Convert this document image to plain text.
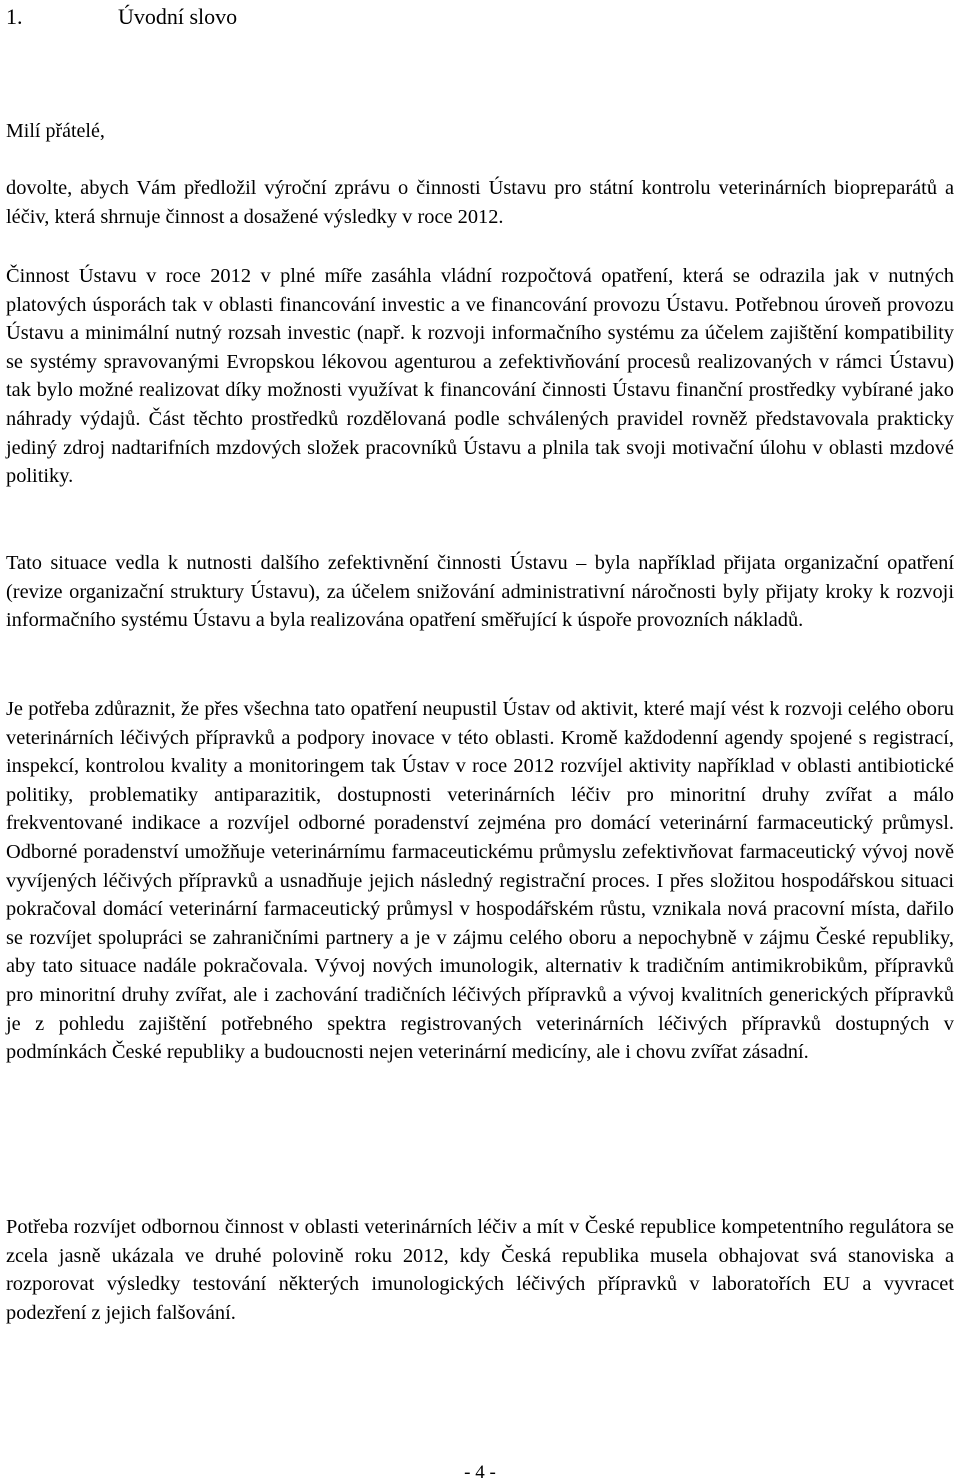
1.	Úvodní slovo
Milí přátelé,

dovolte, abych Vám předložil výroční zprávu o činnosti Ústavu pro státní kontrolu veterinárních biopreparátů a léčiv, která shrnuje činnost a dosažené výsledky v roce 2012.

Činnost Ústavu v roce 2012 v plné míře zasáhla vládní rozpočtová opatření, která se odrazila jak v nutných platových úsporách tak v oblasti financování investic a ve financování provozu Ústavu. Potřebnou úroveň provozu Ústavu a minimální nutný rozsah investic (např. k rozvoji informačního systému za účelem zajištění kompatibility se systémy spravovanými Evropskou lékovou agenturou a zefektivňování procesů realizovaných v rámci Ústavu) tak bylo možné realizovat díky možnosti využívat k financování činnosti Ústavu finanční prostředky vybírané jako náhrady výdajů. Část těchto prostředků rozdělovaná podle schválených pravidel rovněž představovala prakticky jediný zdroj nadtarifních mzdových složek pracovníků Ústavu a plnila tak svoji motivační úlohu v oblasti mzdové politiky.

Tato situace vedla k nutnosti dalšího zefektivnění činnosti Ústavu – byla například přijata organizační opatření (revize organizační struktury Ústavu), za účelem snižování administrativní náročnosti byly přijaty kroky k rozvoji informačního systému Ústavu a byla realizována opatření směřující k úspoře provozních nákladů.

Je potřeba zdůraznit, že přes všechna tato opatření neupustil Ústav od aktivit, které mají vést k rozvoji celého oboru veterinárních léčivých přípravků a podpory inovace v této oblasti. Kromě každodenní agendy spojené s registrací, inspekcí, kontrolou kvality a monitoringem tak Ústav v roce 2012 rozvíjel aktivity například v oblasti antibiotické politiky, problematiky antiparazitik, dostupnosti veterinárních léčiv pro minoritní druhy zvířat a málo frekventované indikace a rozvíjel odborné poradenství zejména pro domácí veterinární farmaceutický průmysl. Odborné poradenství umožňuje veterinárnímu farmaceutickému průmyslu zefektivňovat farmaceutický vývoj nově vyvíjených léčivých přípravků a usnadňuje jejich následný registrační proces. I přes složitou hospodářskou situaci pokračoval domácí veterinární farmaceutický průmysl v hospodářském růstu, vznikala nová pracovní místa, dařilo se rozvíjet spolupráci se zahraničními partnery a je v zájmu celého oboru a nepochybně v zájmu České republiky, aby tato situace nadále pokračovala. Vývoj nových imunologik, alternativ k tradičním antimikrobikům, přípravků pro minoritní druhy zvířat, ale i zachování tradičních léčivých přípravků a vývoj kvalitních generických přípravků je z pohledu zajištění potřebného spektra registrovaných veterinárních léčivých přípravků dostupných v podmínkách České republiky a budoucnosti nejen veterinární medicíny, ale i chovu zvířat zásadní.

Potřeba rozvíjet odbornou činnost v oblasti veterinárních léčiv a mít v České republice kompetentního regulátora se zcela jasně ukázala ve druhé polovině roku 2012, kdy Česká republika musela obhajovat svá stanoviska a rozporovat výsledky testování některých imunologických léčivých přípravků v laboratořích EU a vyvracet podezření z jejich falšování.

- 4 -
